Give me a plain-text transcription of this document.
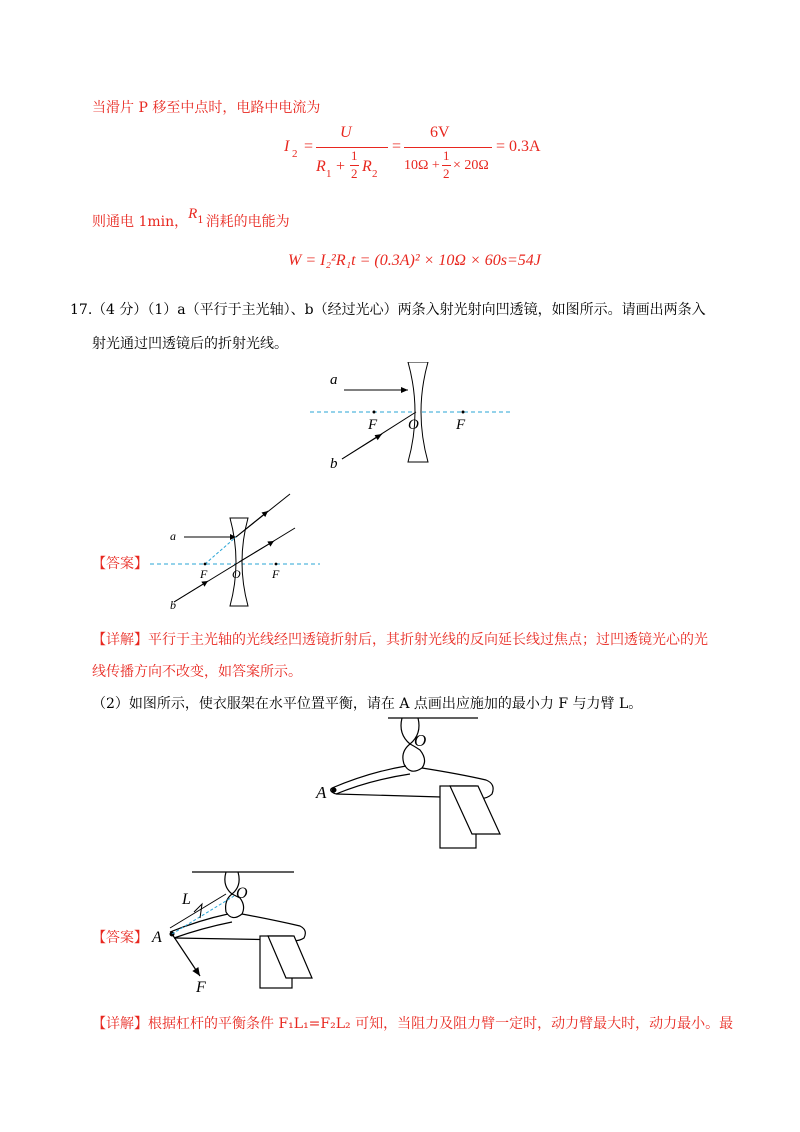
当滑片 P 移至中点时，电路中电流为
I 2 =
U
R 1 +
1
2 R 2
=
6V
10Ω +
1
2
× 20Ω
= 0.3A
则通电 1min，$R^1$ 消耗的电能为
W = I₂²R₁t = (0.3A)² × 10Ω × 60s=54J
17. （4 分）（1）a（平行于主光轴）、b（经过光心）两条入射光射向凹透镜，如图所示。请画出两条入
射光通过凹透镜后的折射光线。
a
b
F O F
【答案】
a
b
F O	F
【详解】平行于主光轴的光线经凹透镜折射后，其折射光线的反向延长线过焦点；过凹透镜光心的光
线传播方向不改变，如答案所示。
（2）如图所示，使衣服架在水平位置平衡，请在 A 点画出应施加的最小力 F 与力臂 L。
O
A
【答案】
O
A
L
F
【详解】根据杠杆的平衡条件 F₁L₁=F₂L₂ 可知，当阻力及阻力臂一定时，动力臂最大时，动力最小。最
